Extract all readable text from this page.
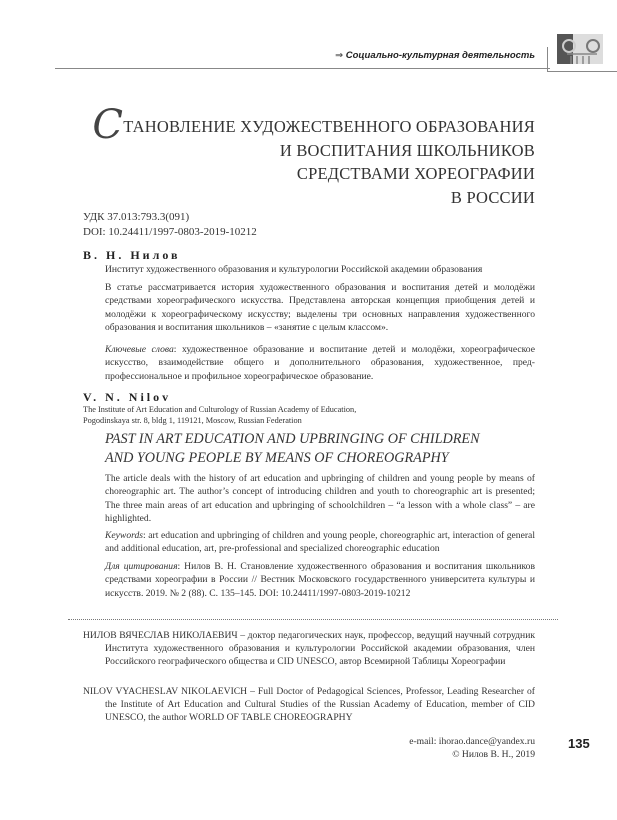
⇒ Социально-культурная деятельность
СТАНОВЛЕНИЕ ХУДОЖЕСТВЕННОГО ОБРАЗОВАНИЯ
И ВОСПИТАНИЯ ШКОЛЬНИКОВ
СРЕДСТВАМИ ХОРЕОГРАФИИ
В РОССИИ
УДК 37.013:793.3(091)
DOI: 10.24411/1997-0803-2019-10212
В. Н. Нилов
Институт художественного образования и культурологии Российской академии образования
В статье рассматривается история художественного образования и воспитания детей и молодёжи средствами хореографического искусства. Представлена авторская концепция приобщения детей и молодёжи к хореографическому искусству; выделены три основных направления художественного образования и воспитания школьников – «занятие с целым классом».
Ключевые слова: художественное образование и воспитание детей и молодёжи, хореографическое искусство, взаимодействие общего и дополнительного образования, художественное, предпрофессиональное и профильное хореографическое образование.
V. N. Nilov
The Institute of Art Education and Culturology of Russian Academy of Education,
Pogodinskaya str. 8, bldg 1, 119121, Moscow, Russian Federation
PAST IN ART EDUCATION AND UPBRINGING OF CHILDREN
AND YOUNG PEOPLE BY MEANS OF CHOREOGRAPHY
The article deals with the history of art education and upbringing of children and young people by means of choreographic art. The author’s concept of introducing children and youth to choreographic art is presented; The three main areas of art education and upbringing of schoolchildren – “a lesson with a whole class” – are highlighted.
Keywords: art education and upbringing of children and young people, choreographic art, interaction of general and additional education, art, pre-professional and specialized choreographic education
Для цитирования: Нилов В. Н. Становление художественного образования и воспитания школьников средствами хореографии в России // Вестник Московского государственного университета культуры и искусств. 2019. № 2 (88). С. 135–145. DOI: 10.24411/1997-0803-2019-10212
НИЛОВ ВЯЧЕСЛАВ НИКОЛАЕВИЧ – доктор педагогических наук, профессор, ведущий научный сотрудник Института художественного образования и культурологии Российской академии образования, член Российского географического общества и CID UNESCO, автор Всемирной Таблицы Хореографии
NILOV VYACHESLAV NIKOLAEVICH – Full Doctor of Pedagogical Sciences, Professor, Leading Researcher of the Institute of Art Education and Cultural Studies of the Russian Academy of Education, member of CID UNESCO, the author WORLD OF TABLE CHOREOGRAPHY
e-mail: ihorao.dance@yandex.ru
© Нилов В. Н., 2019
135
